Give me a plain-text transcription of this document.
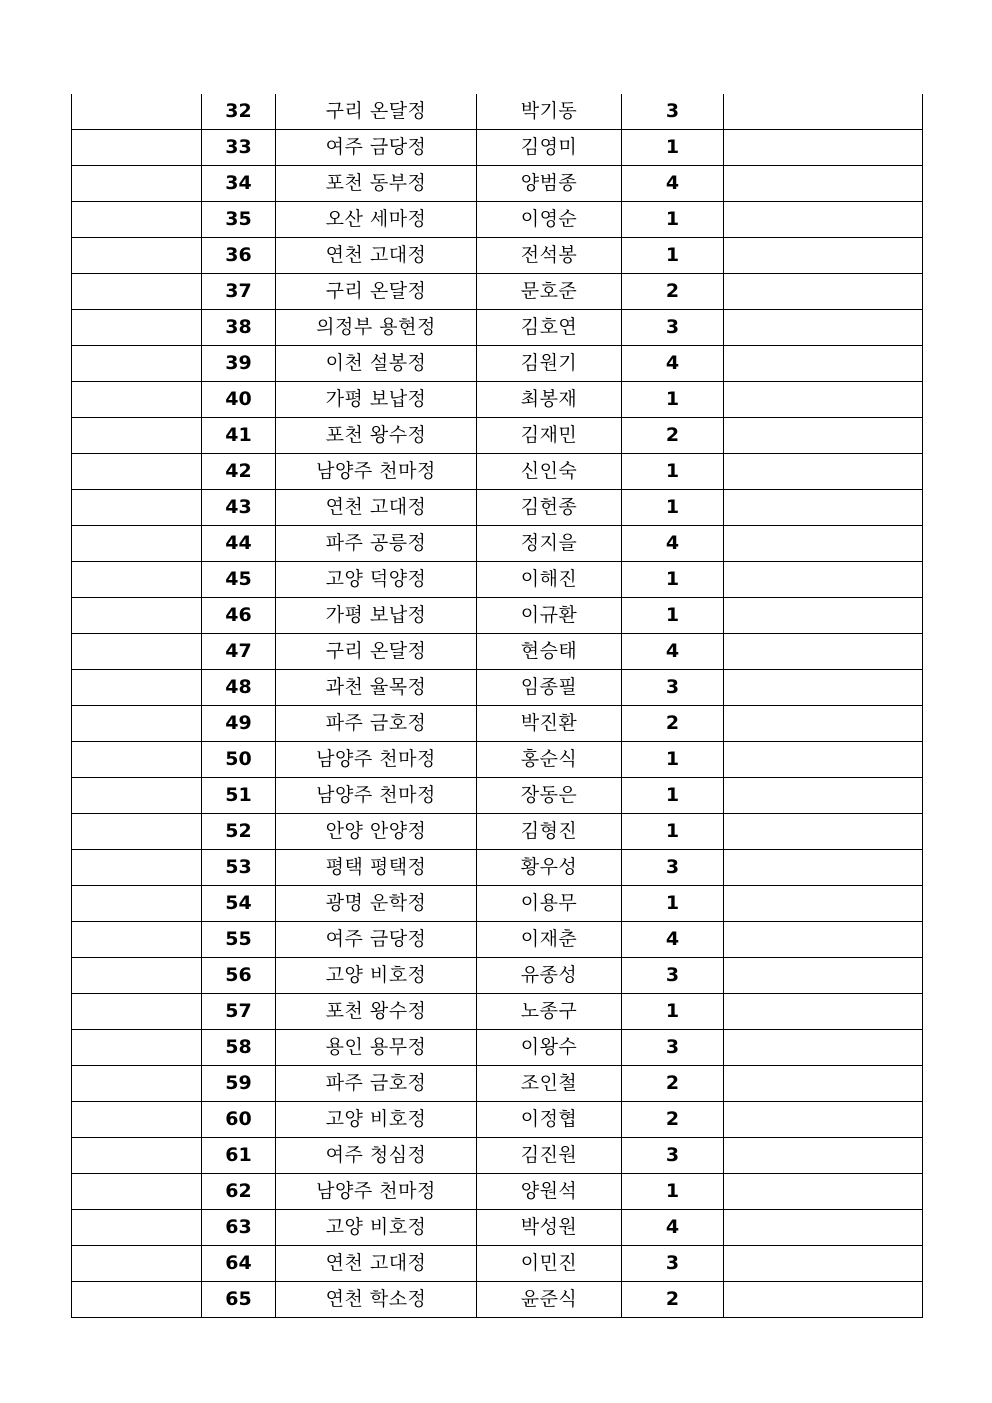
	32	구리 온달정	박기동	3	
	33	여주 금당정	김영미	1	
	34	포천 동부정	양범종	4	
	35	오산 세마정	이영순	1	
	36	연천 고대정	전석봉	1	
	37	구리 온달정	문호준	2	
	38	의정부 용현정	김호연	3	
	39	이천 설봉정	김원기	4	
	40	가평 보납정	최봉재	1	
	41	포천 왕수정	김재민	2	
	42	남양주 천마정	신인숙	1	
	43	연천 고대정	김헌종	1	
	44	파주 공릉정	정지을	4	
	45	고양 덕양정	이해진	1	
	46	가평 보납정	이규환	1	
	47	구리 온달정	현승태	4	
	48	과천 율목정	임종필	3	
	49	파주 금호정	박진환	2	
	50	남양주 천마정	홍순식	1	
	51	남양주 천마정	장동은	1	
	52	안양 안양정	김형진	1	
	53	평택 평택정	황우성	3	
	54	광명 운학정	이용무	1	
	55	여주 금당정	이재춘	4	
	56	고양 비호정	유종성	3	
	57	포천 왕수정	노종구	1	
	58	용인 용무정	이왕수	3	
	59	파주 금호정	조인철	2	
	60	고양 비호정	이정협	2	
	61	여주 청심정	김진원	3	
	62	남양주 천마정	양원석	1	
	63	고양 비호정	박성원	4	
	64	연천 고대정	이민진	3	
	65	연천 학소정	윤준식	2	
